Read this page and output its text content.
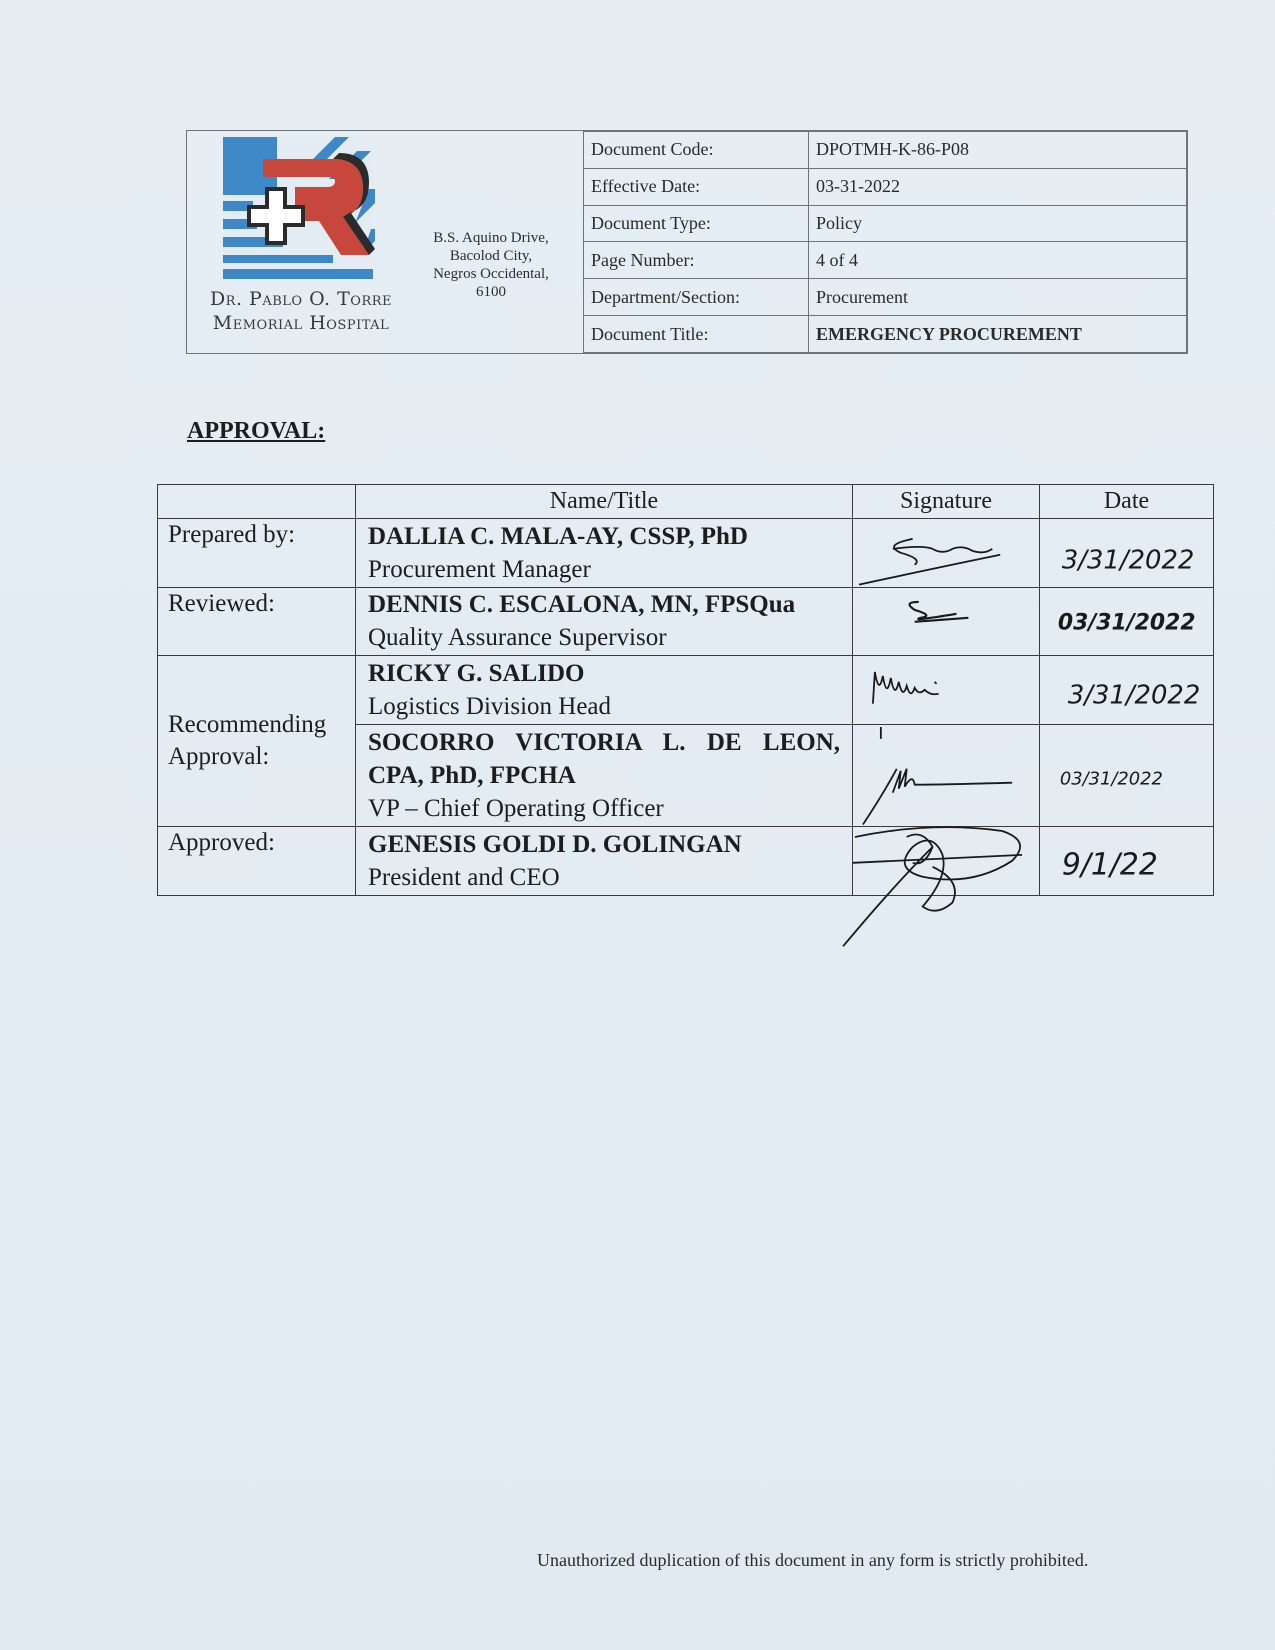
Dr. Pablo O. Torre
Memorial Hospital
B.S. Aquino Drive,
Bacolod City,
Negros Occidental,
6100
Document Code:	DPOTMH-K-86-P08
Effective Date:	03-31-2022
Document Type:	Policy
Page Number:	4 of 4
Department/Section:	Procurement
Document Title:	EMERGENCY PROCUREMENT
APPROVAL:
	Name/Title	Signature	Date
Prepared by:	DALLIA C. MALA-AY, CSSP, PhD
Procurement Manager		3/31/2022

Reviewed:	DENNIS C. ESCALONA, MN, FPSQua
Quality Assurance Supervisor		03/31/2022

Recommending
Approval:	RICKY G. SALIDO
Logistics Division Head		3/31/2022

	SOCORRO VICTORIA L. DE LEON,
CPA, PhD, FPCHA
VP – Chief Operating Officer		03/31/2022

Approved:	GENESIS GOLDI D. GOLINGAN
President and CEO		9/1/22
Unauthorized duplication of this document in any form is strictly prohibited.
